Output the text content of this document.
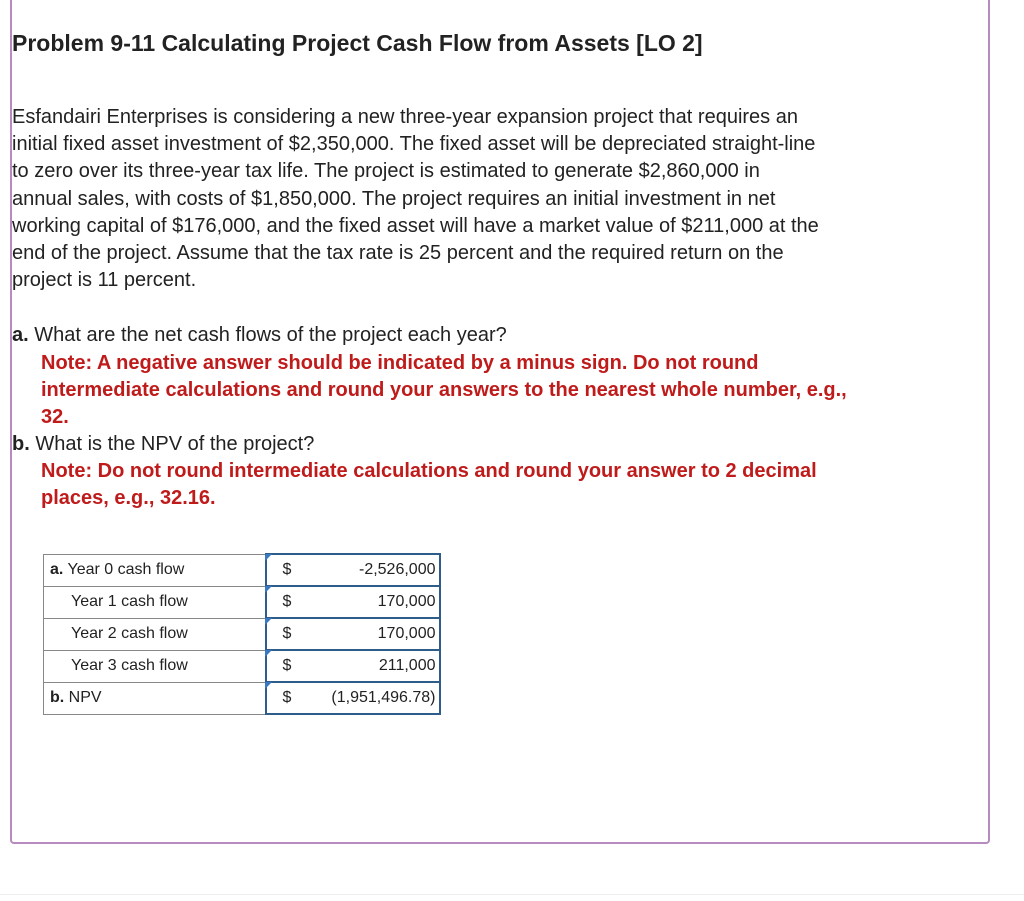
Problem 9-11 Calculating Project Cash Flow from Assets [LO 2]
Esfandairi Enterprises is considering a new three-year expansion project that requires an
initial fixed asset investment of $2,350,000. The fixed asset will be depreciated straight-line
to zero over its three-year tax life. The project is estimated to generate $2,860,000 in
annual sales, with costs of $1,850,000. The project requires an initial investment in net
working capital of $176,000, and the fixed asset will have a market value of $211,000 at the
end of the project. Assume that the tax rate is 25 percent and the required return on the
project is 11 percent.
a. What are the net cash flows of the project each year?
Note: A negative answer should be indicated by a minus sign. Do not round
intermediate calculations and round your answers to the nearest whole number, e.g.,
32.
b. What is the NPV of the project?
Note: Do not round intermediate calculations and round your answer to 2 decimal
places, e.g., 32.16.
a. Year 0 cash flow		$ -2,526,000

Year 1 cash flow		$ 170,000

Year 2 cash flow		$ 170,000

Year 3 cash flow		$ 211,000

b. NPV		$ (1,951,496.78)
